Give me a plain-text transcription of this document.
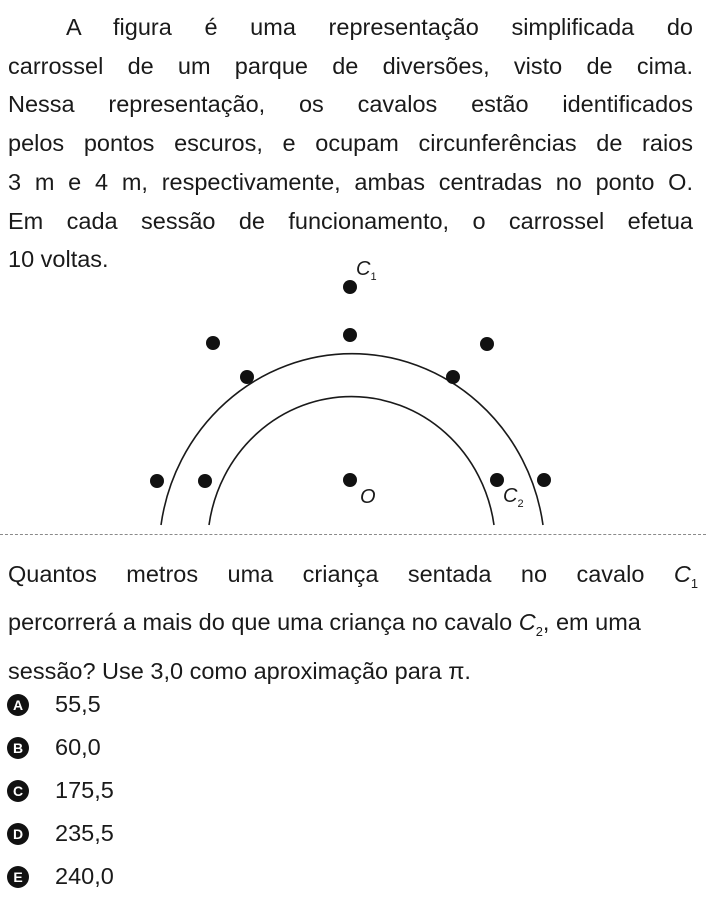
A figura é uma representação simplificada do
carrossel de um parque de diversões, visto de cima.
Nessa representação, os cavalos estão identificados
pelos pontos escuros, e ocupam circunferências de raios
3 m e 4 m, respectivamente, ambas centradas no ponto O.
Em cada sessão de funcionamento, o carrossel efetua
10 voltas.	$C_1$
O	$C_2$
Quantos metros uma criança sentada no cavalo $C_1$
percorrerá a mais do que uma criança no cavalo $C_2$, em uma sessão? Use 3,0 como aproximação para π.
A 55,5
B 60,0
C 175,5
D 235,5
E 240,0
